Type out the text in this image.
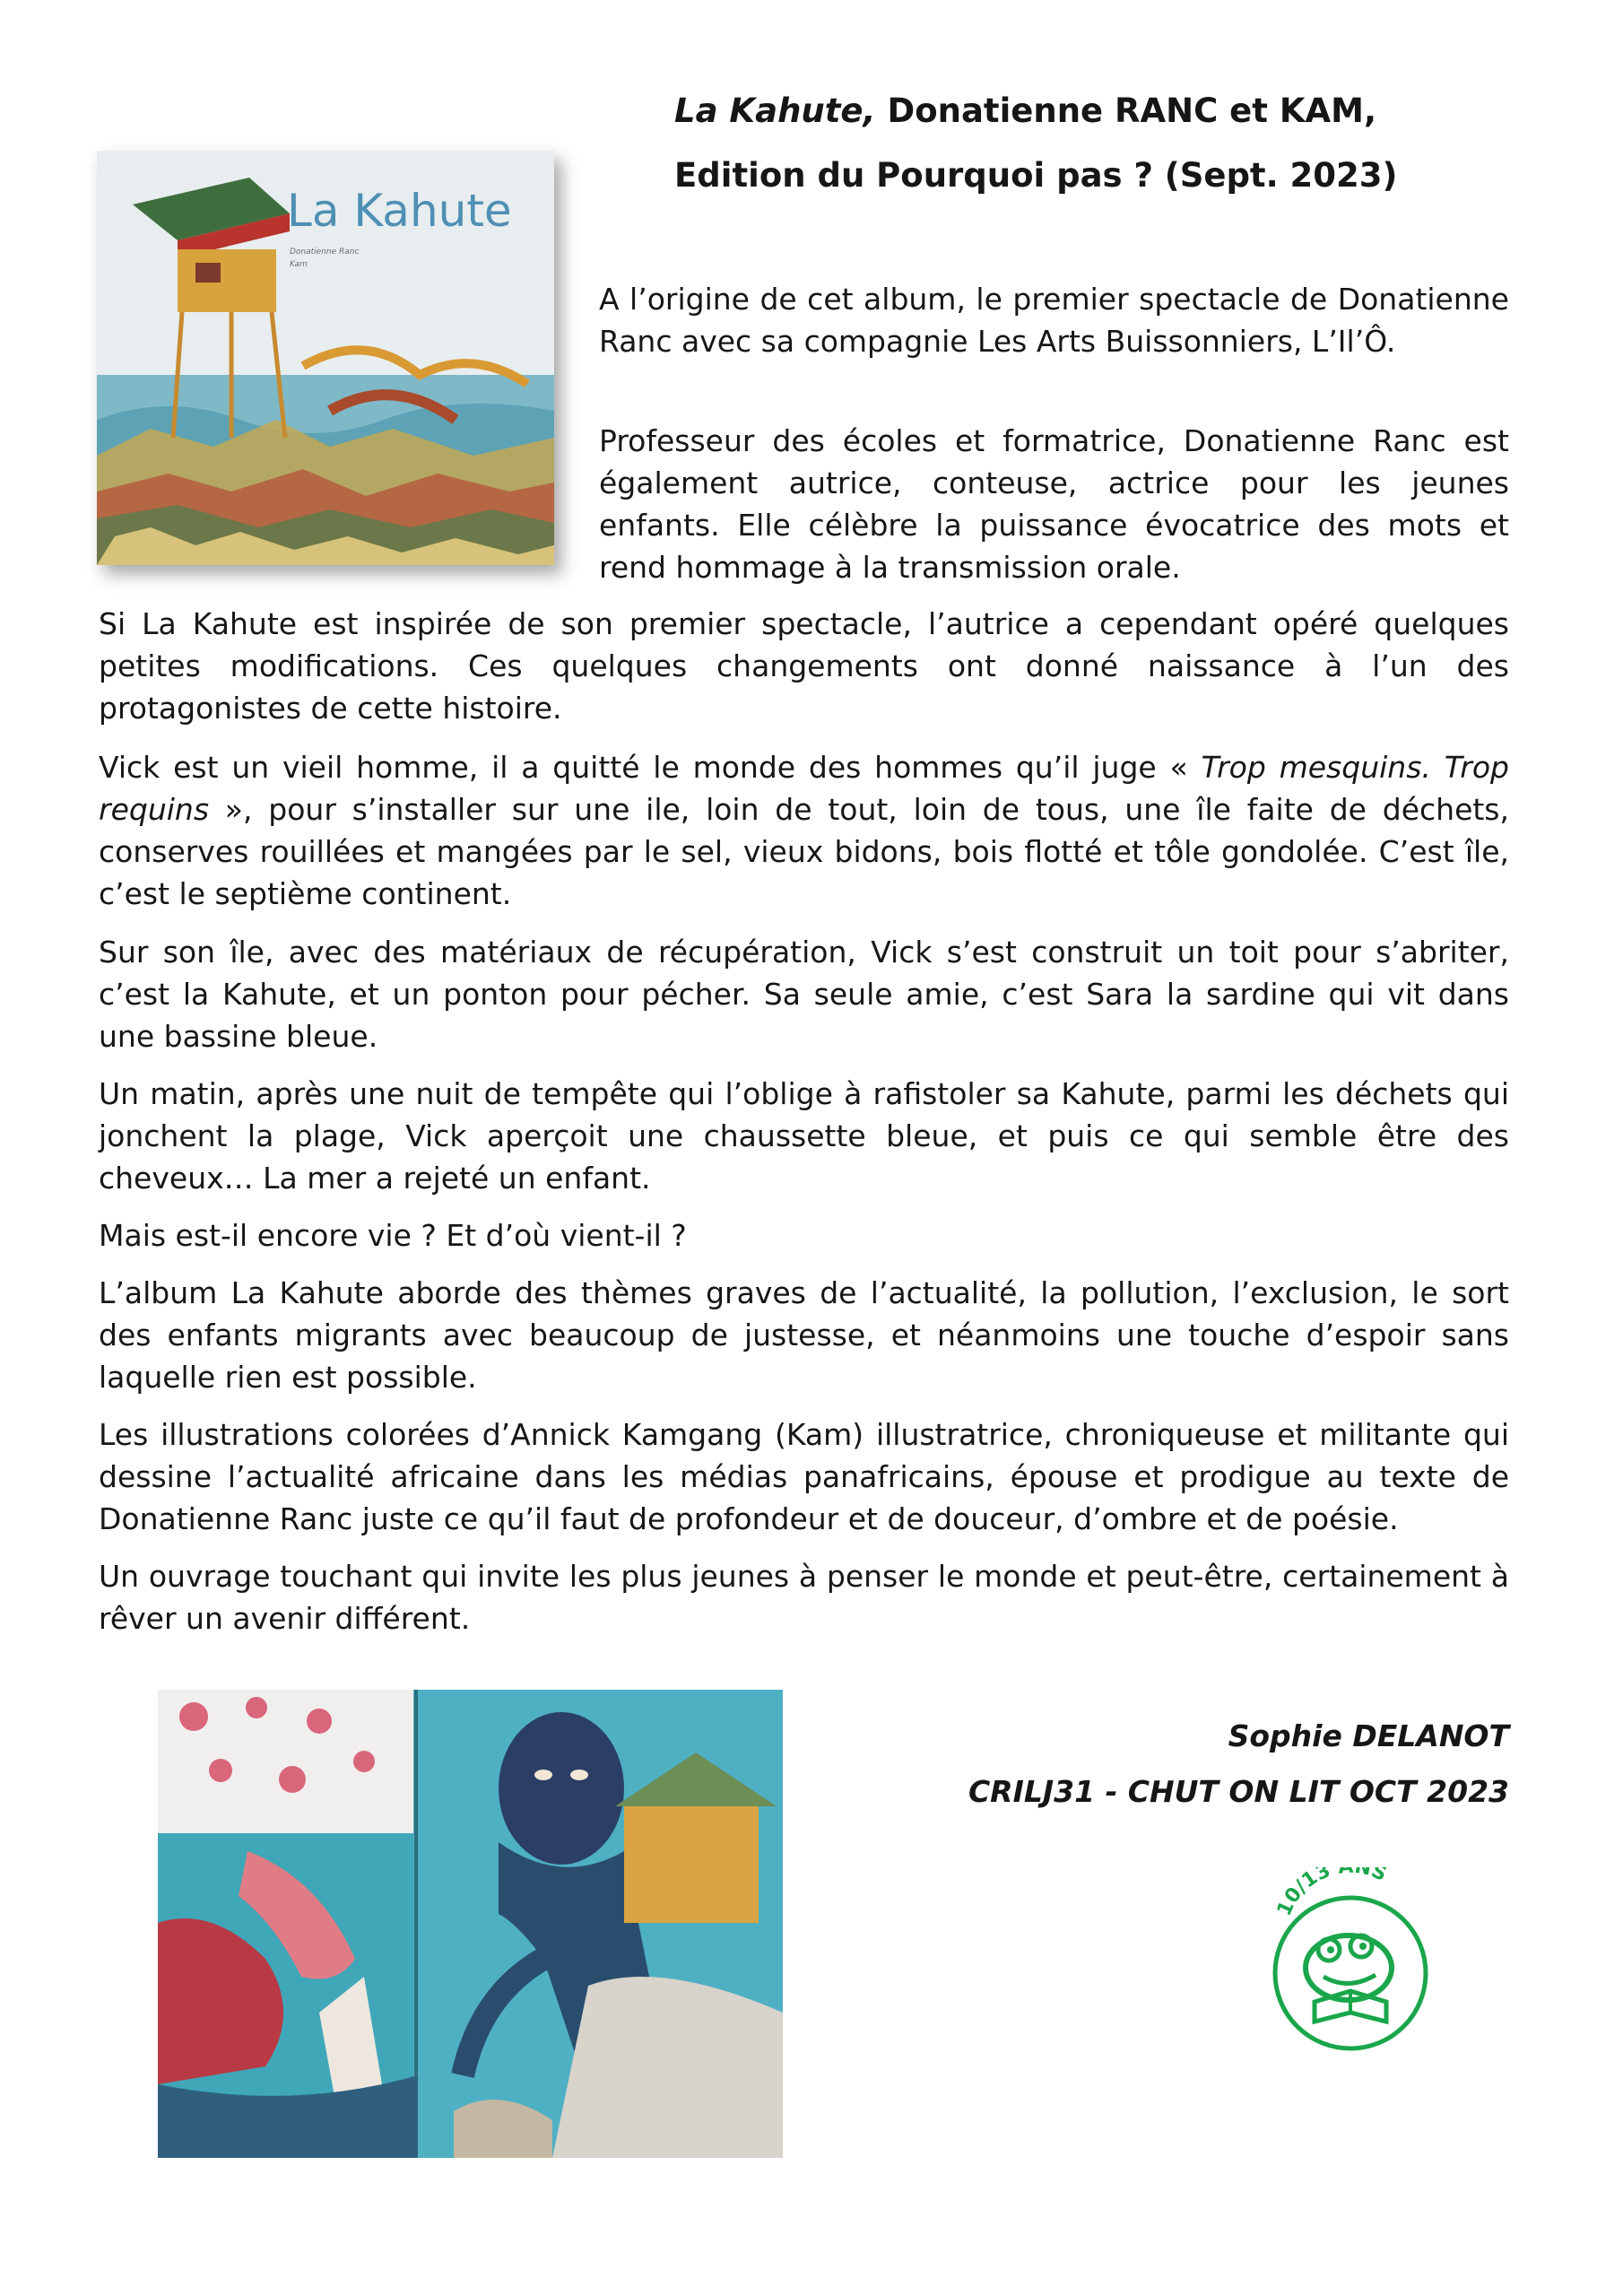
La Kahute, Donatienne RANC et KAM,
Edition du Pourquoi pas ? (Sept. 2023)
La Kahute
Donatienne Ranc
Kam

A l’origine de cet album, le premier spectacle de Donatienne Ranc avec sa compagnie Les Arts Buissonniers, L’Il’Ô.

Professeur des écoles et formatrice, Donatienne Ranc est également autrice, conteuse, actrice pour les jeunes enfants. Elle célèbre la puissance évocatrice des mots et rend hommage à la transmission orale.

Si La Kahute est inspirée de son premier spectacle, l’autrice a cependant opéré quelques petites modifications. Ces quelques changements ont donné naissance à l’un des protagonistes de cette histoire.

Vick est un vieil homme, il a quitté le monde des hommes qu’il juge « Trop mesquins. Trop requins », pour s’installer sur une ile, loin de tout, loin de tous, une île faite de déchets, conserves rouillées et mangées par le sel, vieux bidons, bois flotté et tôle gondolée. C’est île, c’est le septième continent.

Sur son île, avec des matériaux de récupération, Vick s’est construit un toit pour s’abriter, c’est la Kahute, et un ponton pour pécher. Sa seule amie, c’est Sara la sardine qui vit dans une bassine bleue.

Un matin, après une nuit de tempête qui l’oblige à rafistoler sa Kahute, parmi les déchets qui jonchent la plage, Vick aperçoit une chaussette bleue, et puis ce qui semble être des cheveux… La mer a rejeté un enfant.

Mais est-il encore vie ? Et d’où vient-il ?

L’album La Kahute aborde des thèmes graves de l’actualité, la pollution, l’exclusion, le sort des enfants migrants avec beaucoup de justesse, et néanmoins une touche d’espoir sans laquelle rien est possible.

Les illustrations colorées d’Annick Kamgang (Kam) illustratrice, chroniqueuse et militante qui dessine l’actualité africaine dans les médias panafricains, épouse et prodigue au texte de Donatienne Ranc juste ce qu’il faut de profondeur et de douceur, d’ombre et de poésie.

Un ouvrage touchant qui invite les plus jeunes à penser le monde et peut-être, certainement à rêver un avenir différent.

Sophie DELANOT

CRILJ31 - CHUT ON LIT OCT 2023

10/13 NS
